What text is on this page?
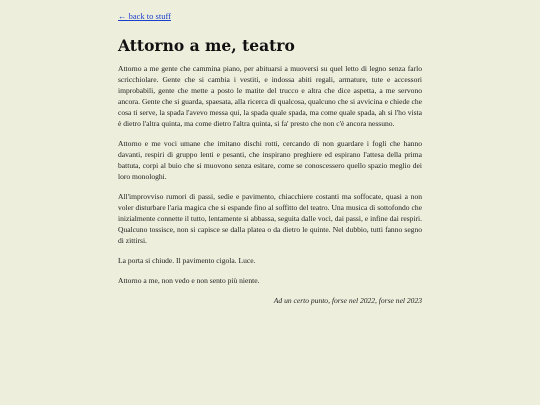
← back to stuff
Attorno a me, teatro

Attorno a me gente che cammina piano, per abituarsi a muoversi su quel letto di legno senza farlo scricchiolare. Gente che si cambia i vestiti, e indossa abiti regali, armature, tute e accessori improbabili, gente che mette a posto le matite del trucco e altra che dice aspetta, a me servono ancora. Gente che si guarda, spaesata, alla ricerca di qualcosa, qualcuno che si avvicina e chiede che cosa ti serve, la spada l'avevo messa qui, la spada quale spada, ma come quale spada, ah si l'ho vista è dietro l'altra quinta, ma come dietro l'altra quinta, si fa' presto che non c'è ancora nessuno.

Attorno e me voci umane che imitano dischi rotti, cercando di non guardare i fogli che hanno davanti, respiri di gruppo lenti e pesanti, che inspirano preghiere ed espirano l'attesa della prima battuta, corpi al buio che si muovono senza esitare, come se conoscessero quello spazio meglio dei loro monologhi.

All'improvviso rumori di passi, sedie e pavimento, chiacchiere costanti ma soffocate, quasi a non voler disturbare l'aria magica che si espande fino al soffitto del teatro. Una musica di sottofondo che inizialmente connette il tutto, lentamente si abbassa, seguita dalle voci, dai passi, e infine dai respiri. Qualcuno tossisce, non si capisce se dalla platea o da dietro le quinte. Nel dubbio, tutti fanno segno di zittirsi.

La porta si chiude. Il pavimento cigola. Luce.

Attorno a me, non vedo e non sento più niente.

Ad un certo punto, forse nel 2022, forse nel 2023
